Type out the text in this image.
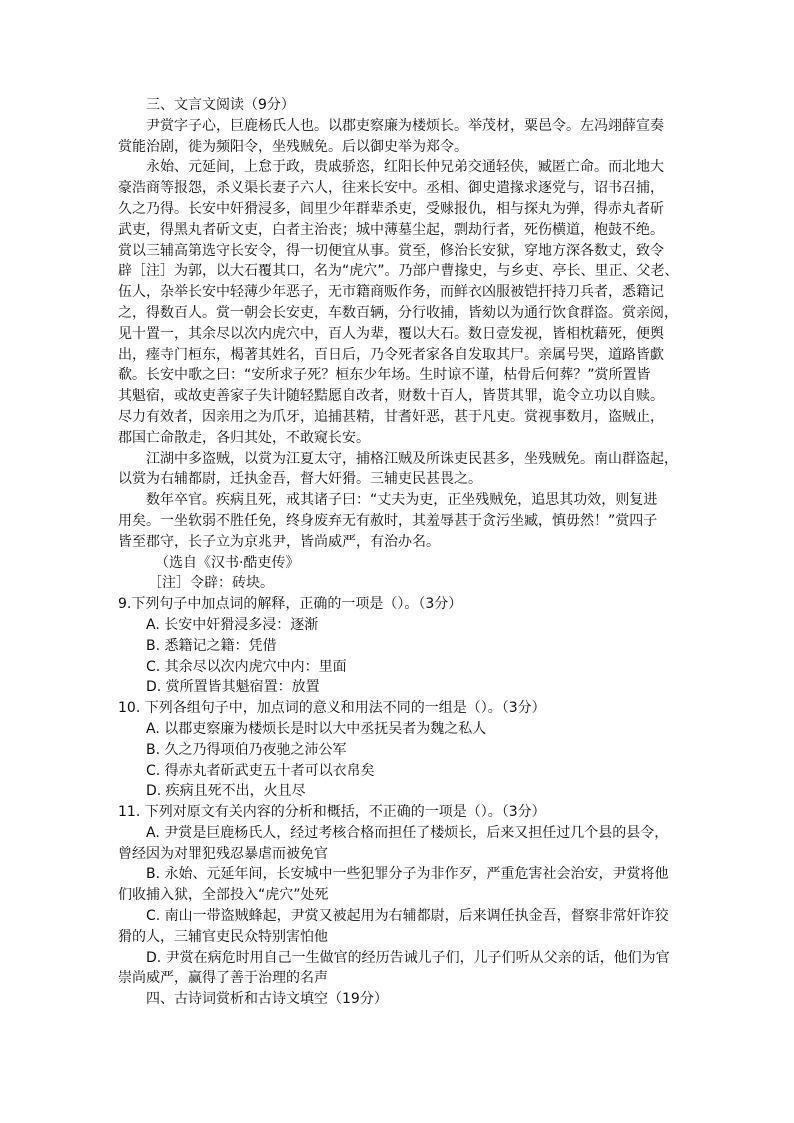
三、文言文阅读（9分）
尹赏字子心，巨鹿杨氏人也。以郡吏察廉为楼烦长。举茂材，粟邑令。左冯翊薛宣奏
赏能治剧，徙为频阳令，坐残贼免。后以御史举为郑令。
永始、元延间，上怠于政，贵戚骄恣，红阳长仲兄弟交通轻侠，臧匿亡命。而北地大
豪浩商等报怨，杀义渠长妻子六人，往来长安中。丞相、御史遣掾求逐党与，诏书召捕，
久之乃得。长安中奸猾浸多，闾里少年群辈杀吏，受赇报仇，相与探丸为弹，得赤丸者斫
武吏，得黑丸者斫文吏，白者主治丧；城中薄墓尘起，剽劫行者，死伤横道，枹鼓不绝。
赏以三辅高第选守长安令，得一切便宜从事。赏至，修治长安狱，穿地方深各数丈，致令
辟［注］为郭，以大石覆其口，名为“虎穴”。乃部户曹掾史，与乡吏、亭长、里正、父老、
伍人，杂举长安中轻薄少年恶子，无市籍商贩作务，而鲜衣凶服被铠扞持刀兵者，悉籍记
之，得数百人。赏一朝会长安吏，车数百辆，分行收捕，皆劾以为通行饮食群盗。赏亲阅，
见十置一，其余尽以次内虎穴中，百人为辈，覆以大石。数日壹发视，皆相枕藉死，便舆
出，瘗寺门桓东，楬著其姓名，百日后，乃令死者家各自发取其尸。亲属号哭，道路皆歔
欷。长安中歌之曰：“安所求子死？桓东少年场。生时谅不谨，枯骨后何葬？”赏所置皆
其魁宿，或故吏善家子失计随轻黠愿自改者，财数十百人，皆贳其罪，诡令立功以自赎。
尽力有效者，因亲用之为爪牙，追捕甚精，甘耆奸恶，甚于凡吏。赏视事数月，盗贼止，
郡国亡命散走，各归其处，不敢窥长安。
江湖中多盗贼，以赏为江夏太守，捕格江贼及所诛吏民甚多，坐残贼免。南山群盗起，
以赏为右辅都尉，迁执金吾，督大奸猾。三辅吏民甚畏之。
数年卒官。疾病且死，戒其诸子曰：“丈夫为吏，正坐残贼免，追思其功效，则复进
用矣。一坐软弱不胜任免，终身废弃无有赦时，其羞辱甚于贪污坐臧，慎毋然！”赏四子
皆至郡守，长子立为京兆尹，皆尚威严，有治办名。
（选自《汉书·酷吏传》
［注］令辟：砖块。
9.下列句子中加点词的解释，正确的一项是（）。（3分）
A. 长安中奸猾浸多浸：逐渐
B. 悉籍记之籍：凭借
C. 其余尽以次内虎穴中内：里面
D. 赏所置皆其魁宿置：放置
10. 下列各组句子中，加点词的意义和用法不同的一组是（）。（3分）
A. 以郡吏察廉为楼烦长是时以大中丞抚吴者为魏之私人
B. 久之乃得项伯乃夜驰之沛公军
C. 得赤丸者斫武吏五十者可以衣帛矣
D. 疾病且死不出，火且尽
11. 下列对原文有关内容的分析和概括，不正确的一项是（）。（3分）
A. 尹赏是巨鹿杨氏人，经过考核合格而担任了楼烦长，后来又担任过几个县的县令，
曾经因为对罪犯残忍暴虐而被免官
B. 永始、元延年间，长安城中一些犯罪分子为非作歹，严重危害社会治安，尹赏将他
们收捕入狱，全部投入“虎穴”处死
C. 南山一带盗贼蜂起，尹赏又被起用为右辅都尉，后来调任执金吾，督察非常奸诈狡
猾的人，三辅官吏民众特别害怕他
D. 尹赏在病危时用自己一生做官的经历告诫儿子们，儿子们听从父亲的话，他们为官
崇尚威严，赢得了善于治理的名声
四、古诗词赏析和古诗文填空（19分）
